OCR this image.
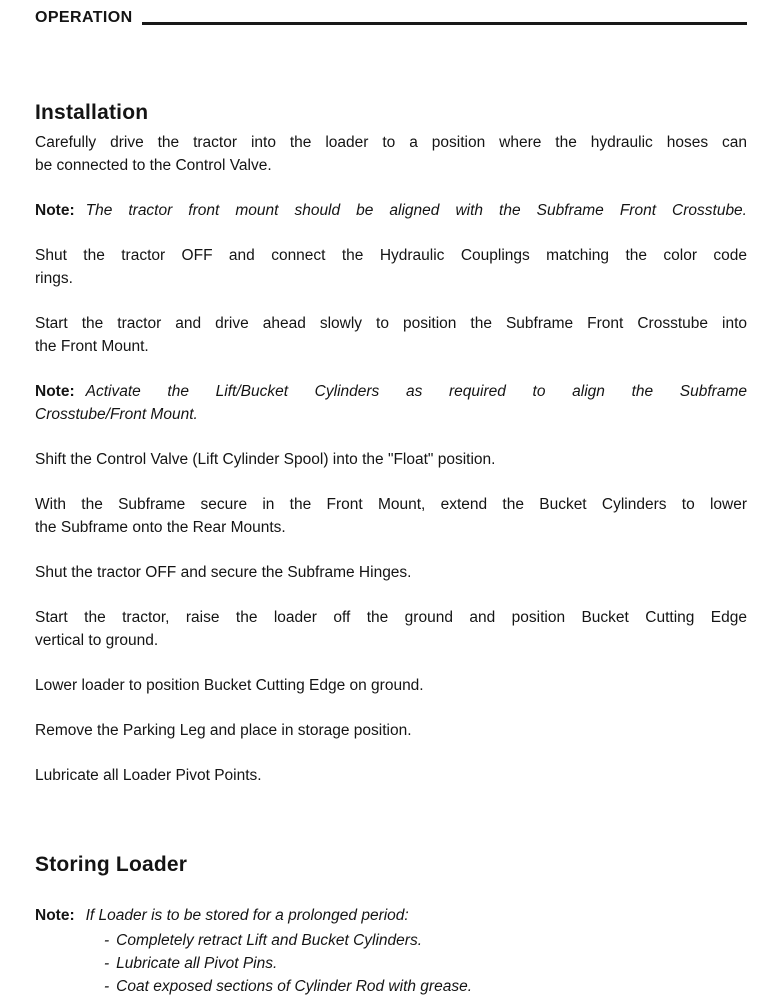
OPERATION
Installation

Carefully drive the tractor into the loader to a position where the hydraulic hoses can
be connected to the Control Valve.

Note: The tractor front mount should be aligned with the Subframe Front Crosstube.

Shut the tractor OFF and connect the Hydraulic Couplings matching the color code
rings.

Start the tractor and drive ahead slowly to position the Subframe Front Crosstube into
the Front Mount.

Note: Activate the Lift/Bucket Cylinders as required to align the Subframe
Crosstube/Front Mount.

Shift the Control Valve (Lift Cylinder Spool) into the "Float" position.

With the Subframe secure in the Front Mount, extend the Bucket Cylinders to lower
the Subframe onto the Rear Mounts.

Shut the tractor OFF and secure the Subframe Hinges.

Start the tractor, raise the loader off the ground and position Bucket Cutting Edge
vertical to ground.

Lower loader to position Bucket Cutting Edge on ground.

Remove the Parking Leg and place in storage position.

Lubricate all Loader Pivot Points.

Storing Loader

Note: If Loader is to be stored for a prolonged period:

- Completely retract Lift and Bucket Cylinders.
- Lubricate all Pivot Pins.
- Coat exposed sections of Cylinder Rod with grease.
